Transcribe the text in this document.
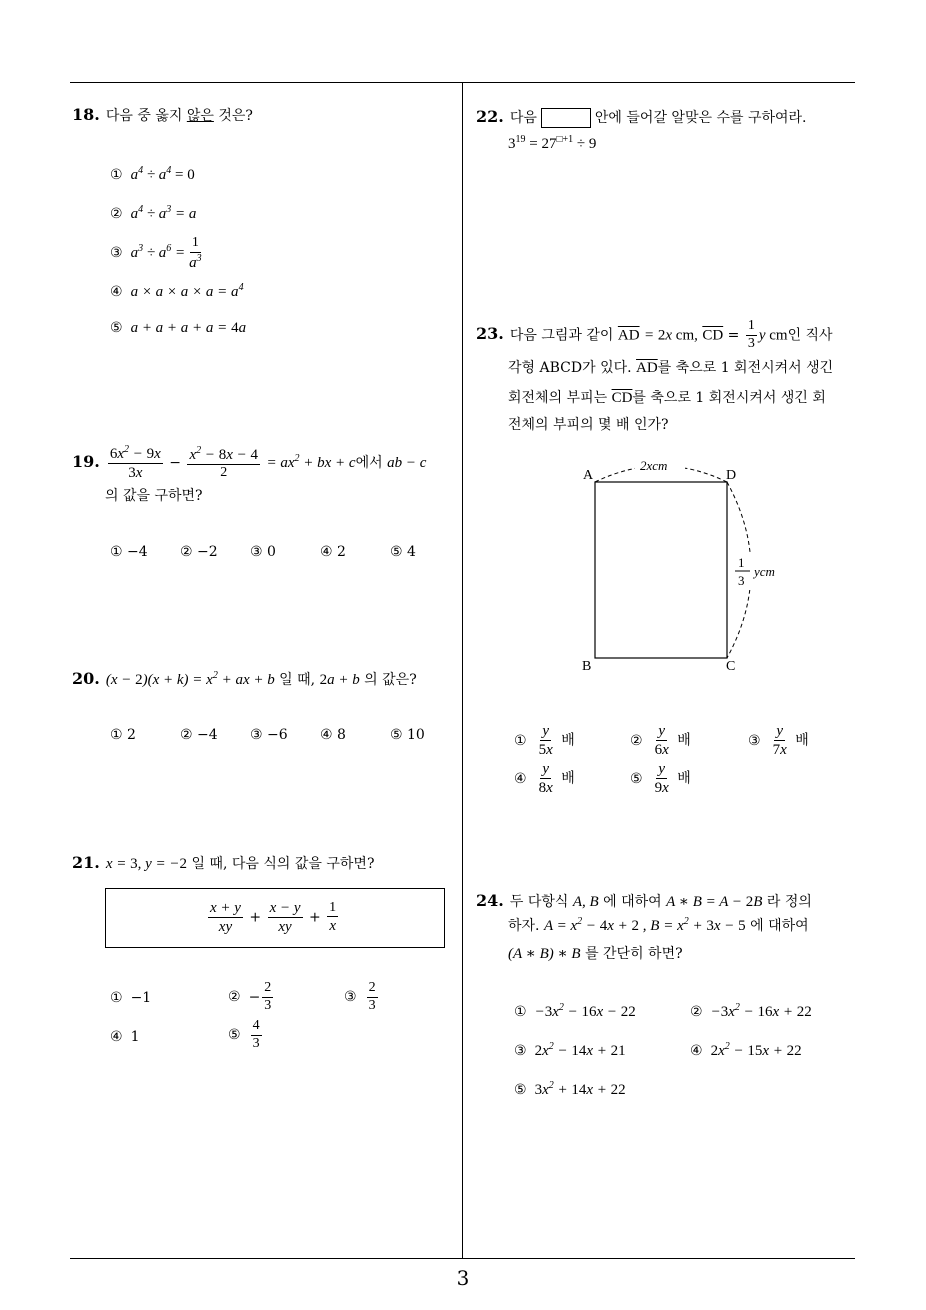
3
18. 다음 중 옳지 않은 것은?
① $a^4 \div a^4 = 0$
② $a^4 \div a^3 = a$
③ $a^3 \div a^6 = \frac{1}{a^3}$
④ $a \times a \times a \times a = a^4$
⑤ a + a + a + a = 4a
19. $\frac{6x^2 - 9x}{3x} - \frac{x^2 - 8x - 4}{2} = ax^2$ + bx + c에서 ab − c
의 값을 구하면?
① −4 ② −2 ③ 0	④ 2	⑤ 4
20. $(x - 2)(x + k) = x^2$ + ax + b 일 때, 2a + b 의 값은?
① 2	② −4 ③ −6 ④ 8	⑤ 10
21. x = 3, y = −2 일 때, 다음 식의 값을 구하면?
$\frac{x + y}{xy} + \frac{x - y}{xy} + \frac{1}{x}$
① −1	② − $\frac{2}{3}$	③ $\frac{2}{3}$
④ 1	⑤ $\frac{4}{3}$
22. 다음	안에 들어갈 알맞은 수를 구하여라.
$3^{19} = 27^{□+1} \div 9$
23. 다음 그림과 같이 $\overline{AD} = 2x$ cm, $\overline{CD} = \frac{1}{3}$ y cm인 직사
각형 ABCD가 있다. $\overline{AD}$를 축으로 1 회전시켜서 생긴
회전체의 부피는 $\overline{CD}$를 축으로 1 회전시켜서 생긴 회
전체의 부피의 몇 배 인가?
A	D
B	C
2xcm
1
3
ycm
① $\frac{y}{5x}$ 배	② $\frac{y}{6x}$ 배	③ $\frac{y}{7x}$ 배
④ $\frac{y}{8x}$ 배	⑤ $\frac{y}{9x}$ 배
24. 두 다항식 A, B 에 대하여 A ∗ B = A − 2B 라 정의
하자. $A = x^2 - 4x + 2$ , $B = x^2 + 3x - 5$ 에 대하여
(A ∗ B) ∗ B 를 간단히 하면?
① $-3x^2 - 16x - 22$	② $-3x^2 - 16x + 22$
③ $2x^2 - 14x + 21$	④ $2x^2 - 15x + 22$
⑤ $3x^2 + 14x + 22$
